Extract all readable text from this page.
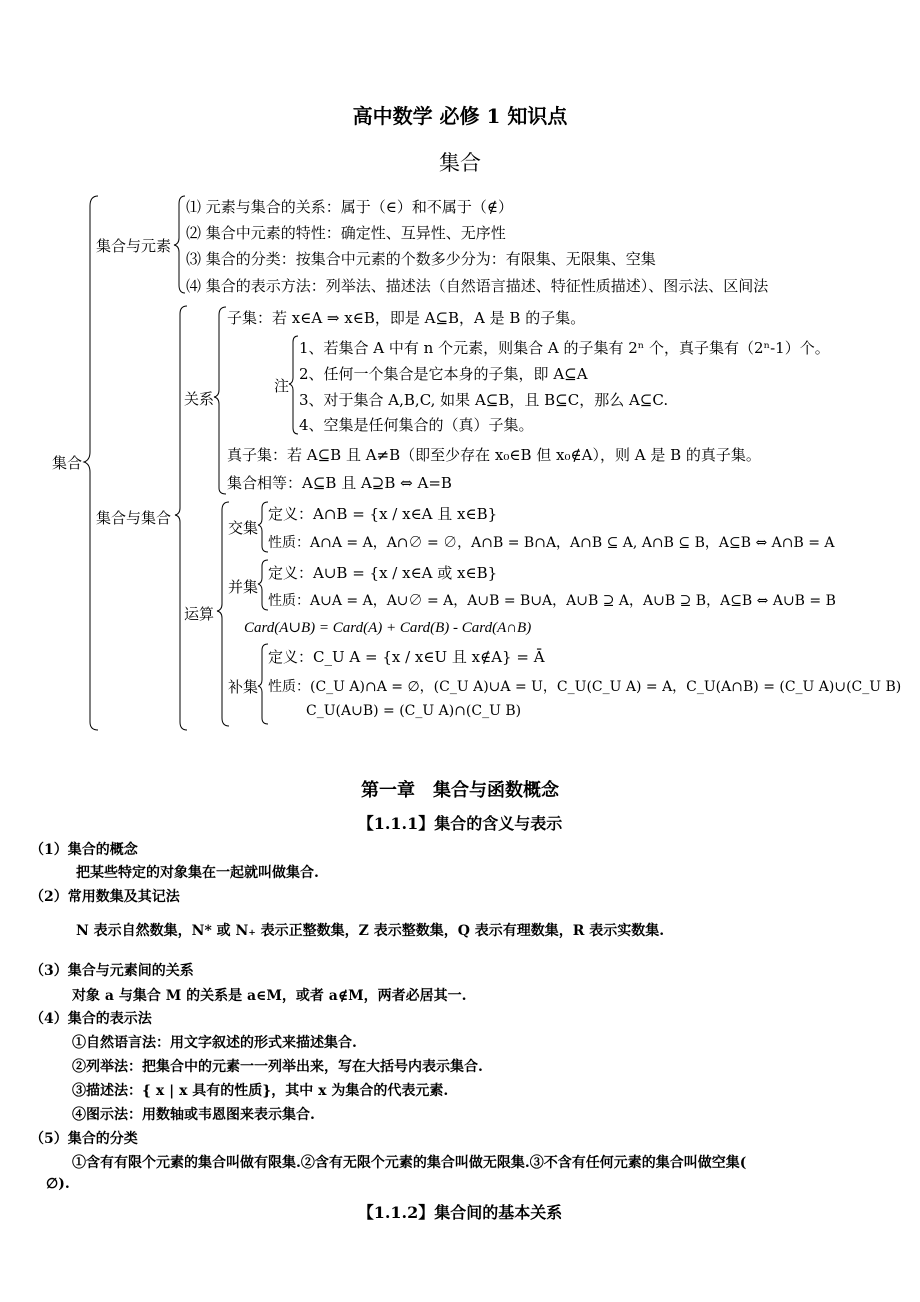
高中数学 必修 1 知识点
集合
集合
集合与元素
集合与集合
⑴ 元素与集合的关系：属于（∈）和不属于（∉）
⑵ 集合中元素的特性：确定性、互异性、无序性
⑶ 集合的分类：按集合中元素的个数多少分为：有限集、无限集、空集
⑷ 集合的表示方法：列举法、描述法（自然语言描述、特征性质描述）、图示法、区间法
关系
子集：若 x∈A ⇒ x∈B，即是 A⊆B，A 是 B 的子集。
注
1、若集合 A 中有 n 个元素，则集合 A 的子集有 2ⁿ 个，真子集有（2ⁿ-1）个。
2、任何一个集合是它本身的子集，即 A⊆A
3、对于集合 A,B,C, 如果 A⊆B，且 B⊆C，那么 A⊆C.
4、空集是任何集合的（真）子集。
真子集：若 A⊆B 且 A≠B（即至少存在 x₀∈B 但 x₀∉A），则 A 是 B 的真子集。
集合相等：A⊆B 且 A⊇B ⇔ A=B
运算
交集
定义：A∩B = {x / x∈A 且 x∈B}
性质：A∩A = A，A∩∅ = ∅，A∩B = B∩A，A∩B ⊆ A, A∩B ⊆ B，A⊆B ⇔ A∩B = A
并集
定义：A∪B = {x / x∈A 或 x∈B}
性质：A∪A = A，A∪∅ = A，A∪B = B∪A，A∪B ⊇ A，A∪B ⊇ B，A⊆B ⇔ A∪B = B
Card(A∪B) = Card(A) + Card(B) - Card(A∩B)
补集
定义：C_U A = {x / x∈U 且 x∉A} = Ā
性质：(C_U A)∩A = ∅，(C_U A)∪A = U，C_U(C_U A) = A，C_U(A∩B) = (C_U A)∪(C_U B)
C_U(A∪B) = (C_U A)∩(C_U B)
第一章　集合与函数概念
【1.1.1】集合的含义与表示
（1）集合的概念
把某些特定的对象集在一起就叫做集合.
（2）常用数集及其记法
N 表示自然数集，N* 或 N₊ 表示正整数集，Z 表示整数集，Q 表示有理数集，R 表示实数集.
（3）集合与元素间的关系
对象 a 与集合 M 的关系是 a∈M，或者 a∉M，两者必居其一.
（4）集合的表示法
①自然语言法：用文字叙述的形式来描述集合.
②列举法：把集合中的元素一一列举出来，写在大括号内表示集合.
③描述法：{ x | x 具有的性质}，其中 x 为集合的代表元素.
④图示法：用数轴或韦恩图来表示集合.
（5）集合的分类
①含有有限个元素的集合叫做有限集.②含有无限个元素的集合叫做无限集.③不含有任何元素的集合叫做空集(
∅).
【1.1.2】集合间的基本关系
